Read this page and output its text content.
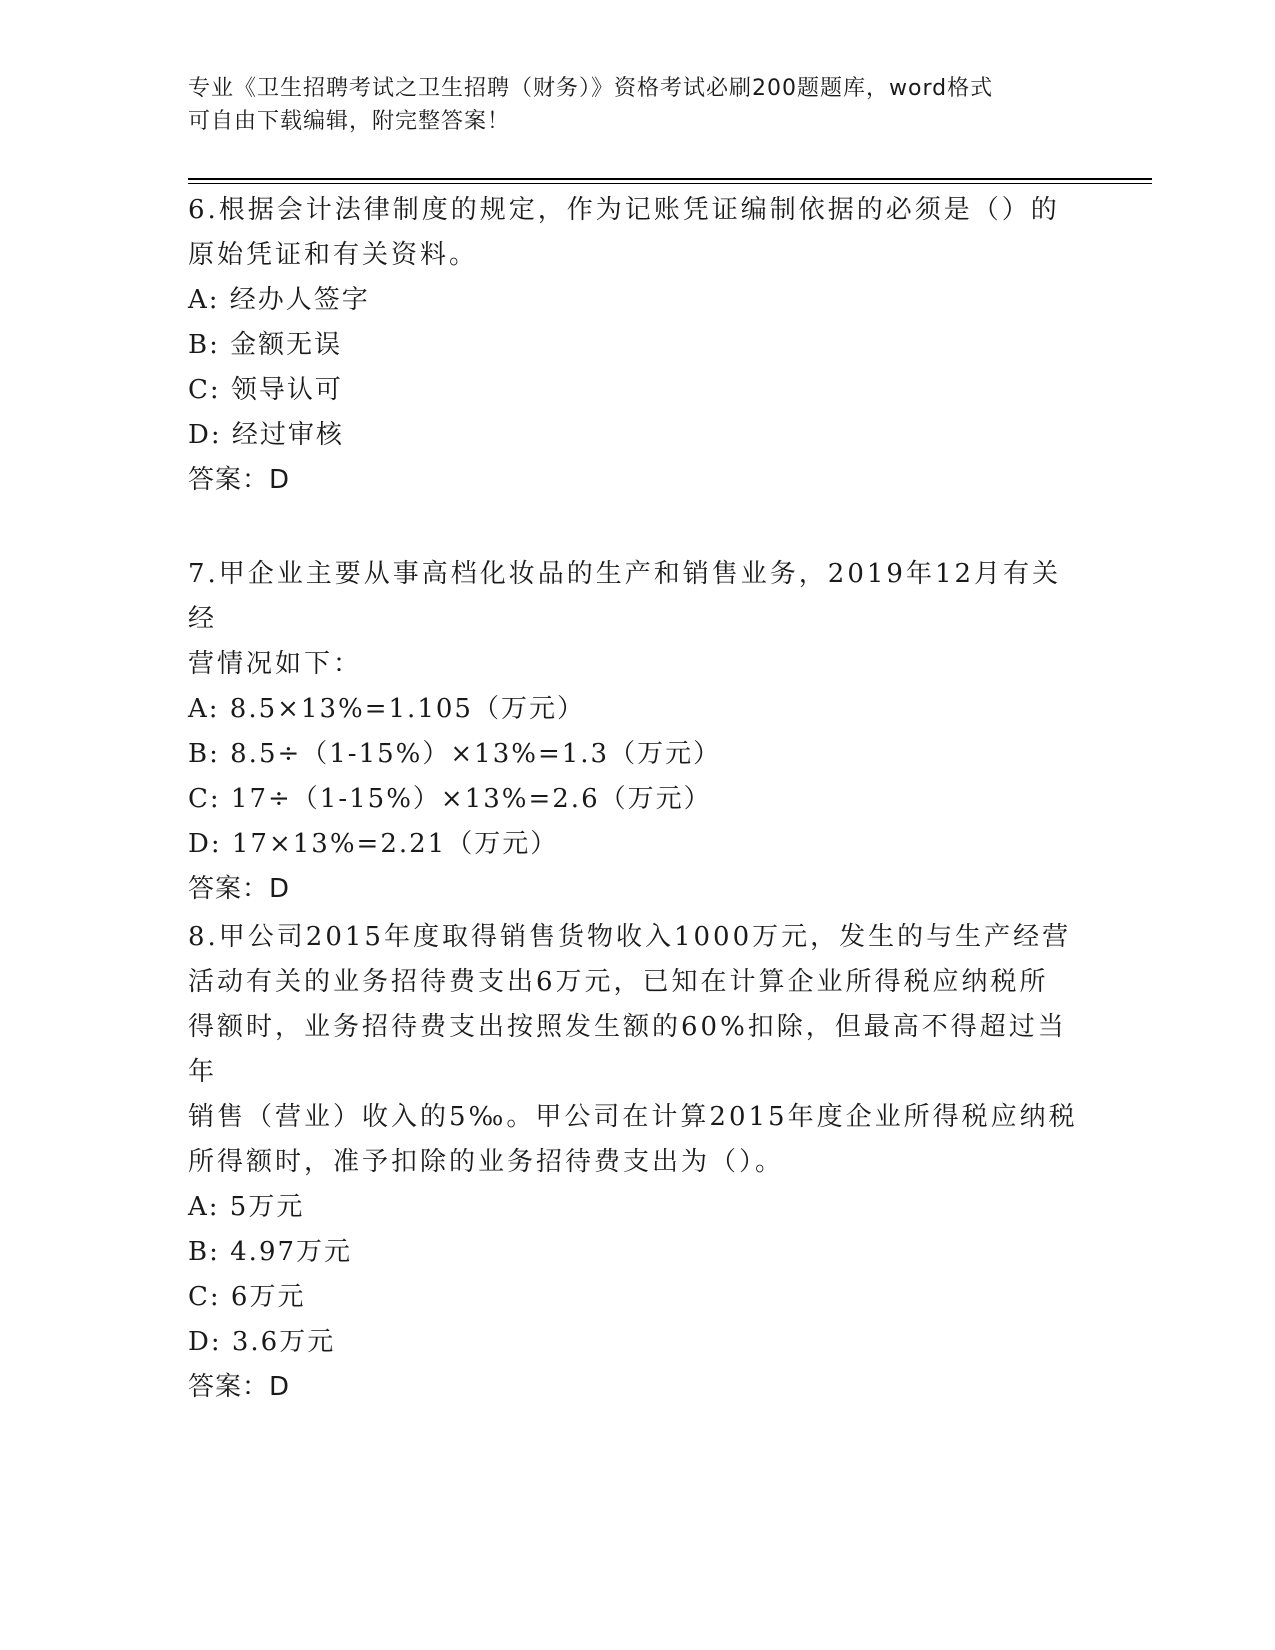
专业《卫生招聘考试之卫生招聘（财务）》资格考试必刷200题题库，word格式
可自由下载编辑，附完整答案！

6.根据会计法律制度的规定，作为记账凭证编制依据的必须是（）的

原始凭证和有关资料。

A: 经办人签字

B: 金额无误

C: 领导认可

D: 经过审核

答案：D

7.甲企业主要从事高档化妆品的生产和销售业务，2019年12月有关经

营情况如下：

A: 8.5×13%=1.105（万元）

B: 8.5÷（1-15%）×13%=1.3（万元）

C: 17÷（1-15%）×13%=2.6（万元）

D: 17×13%=2.21（万元）

答案：D

8.甲公司2015年度取得销售货物收入1000万元，发生的与生产经营

活动有关的业务招待费支出6万元，已知在计算企业所得税应纳税所

得额时，业务招待费支出按照发生额的60%扣除，但最高不得超过当年

销售（营业）收入的5‰。甲公司在计算2015年度企业所得税应纳税

所得额时，准予扣除的业务招待费支出为（）。

A: 5万元

B: 4.97万元

C: 6万元

D: 3.6万元

答案：D
